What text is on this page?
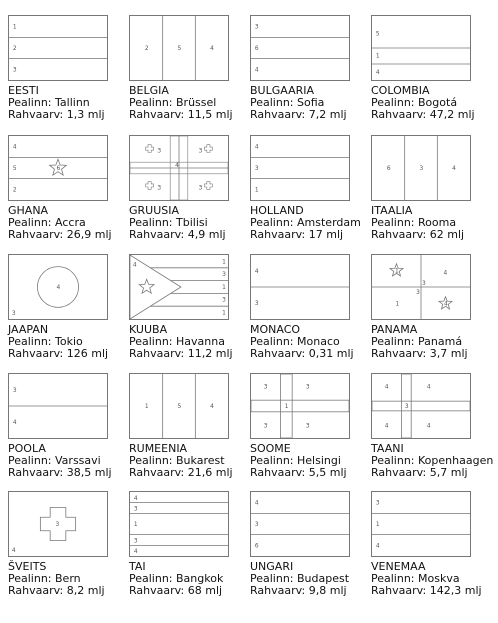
1
2
3
EESTI
Pealinn: Tallinn
Rahvaarv: 1,3 mlj
2	5	4
BELGIA
Pealinn: Brüssel
Rahvaarv: 11,5 mlj
3
6
4
BULGAARIA
Pealinn: Sofia
Rahvaarv: 7,2 mlj
5
1
4
COLOMBIA
Pealinn: Bogotá
Rahvaarv: 47,2 mlj
4
5
2
6
GHANA
Pealinn: Accra
Rahvaarv: 26,9 mlj
3	3
3	3
4
GRUUSIA
Pealinn: Tbilisi
Rahvaarv: 4,9 mlj
4
3
1
HOLLAND
Pealinn: Amsterdam
Rahvaarv: 17 mlj
6	3	4
ITAALIA
Pealinn: Rooma
Rahvaarv: 62 mlj
4
3
JAAPAN
Pealinn: Tokio
Rahvaarv: 126 mlj
4
1
3
1
3
1
KUUBA
Pealinn: Havanna
Rahvaarv: 11,2 mlj
4
3
MONACO
Pealinn: Monaco
Rahvaarv: 0,31 mlj
1	4
3
3
1	4
PANAMA
Pealinn: Panamá
Rahvaarv: 3,7 mlj
3
4
POOLA
Pealinn: Varssavi
Rahvaarv: 38,5 mlj
1	5	4
RUMEENIA
Pealinn: Bukarest
Rahvaarv: 21,6 mlj
3	3
1
3	3
SOOME
Pealinn: Helsingi
Rahvaarv: 5,5 mlj
4	4
3
4	4
TAANI
Pealinn: Kopenhaagen
Rahvaarv: 5,7 mlj
3
4
ŠVEITS
Pealinn: Bern
Rahvaarv: 8,2 mlj
4
3
1
3
4
TAI
Pealinn: Bangkok
Rahvaarv: 68 mlj
4
3
6
UNGARI
Pealinn: Budapest
Rahvaarv: 9,8 mlj
3
1
4
VENEMAA
Pealinn: Moskva
Rahvaarv: 142,3 mlj
